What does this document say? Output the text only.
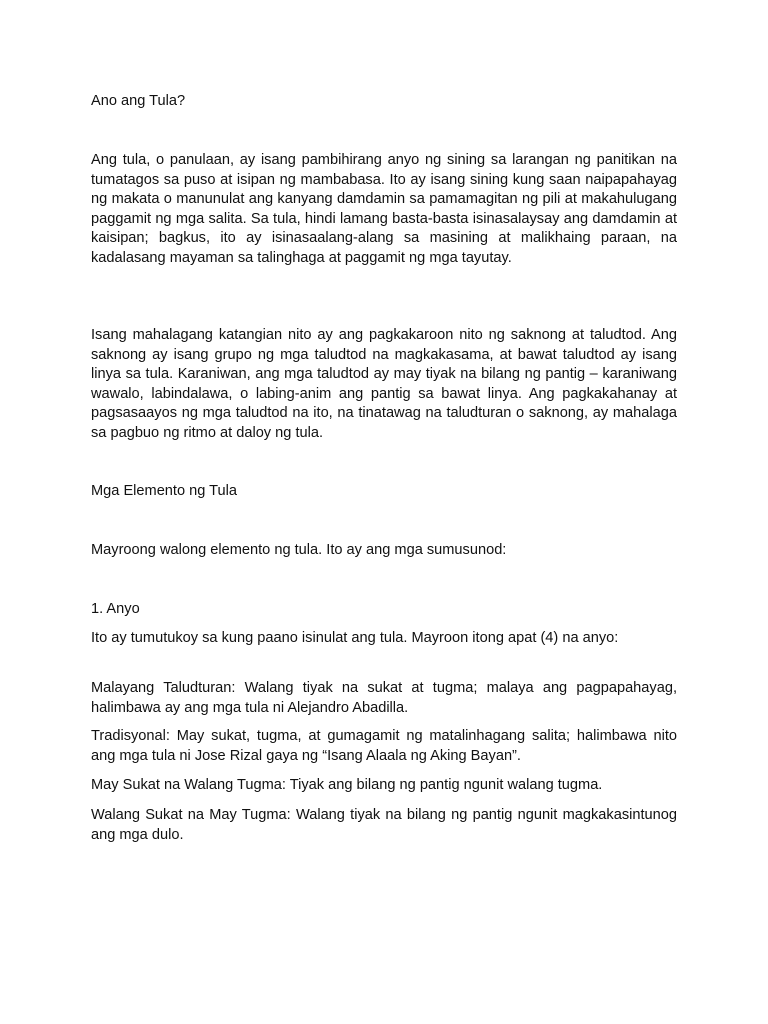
Ano ang Tula?

Ang tula, o panulaan, ay isang pambihirang anyo ng sining sa larangan ng panitikan na tumatagos sa puso at isipan ng mambabasa. Ito ay isang sining kung saan naipapahayag ng makata o manunulat ang kanyang damdamin sa pamamagitan ng pili at makahulugang paggamit ng mga salita. Sa tula, hindi lamang basta-basta isinasalaysay ang damdamin at kaisipan; bagkus, ito ay isinasaalang-alang sa masining at malikhaing paraan, na kadalasang mayaman sa talinghaga at paggamit ng mga tayutay.

Isang mahalagang katangian nito ay ang pagkakaroon nito ng saknong at taludtod. Ang saknong ay isang grupo ng mga taludtod na magkakasama, at bawat taludtod ay isang linya sa tula. Karaniwan, ang mga taludtod ay may tiyak na bilang ng pantig – karaniwang wawalo, labindalawa, o labing-anim ang pantig sa bawat linya. Ang pagkakahanay at pagsasaayos ng mga taludtod na ito, na tinatawag na taludturan o saknong, ay mahalaga sa pagbuo ng ritmo at daloy ng tula.

Mga Elemento ng Tula

Mayroong walong elemento ng tula. Ito ay ang mga sumusunod:

1. Anyo

Ito ay tumutukoy sa kung paano isinulat ang tula. Mayroon itong apat (4) na anyo:

Malayang Taludturan: Walang tiyak na sukat at tugma; malaya ang pagpapahayag, halimbawa ay ang mga tula ni Alejandro Abadilla.

Tradisyonal: May sukat, tugma, at gumagamit ng matalinhagang salita; halimbawa nito ang mga tula ni Jose Rizal gaya ng “Isang Alaala ng Aking Bayan”.

May Sukat na Walang Tugma: Tiyak ang bilang ng pantig ngunit walang tugma.

Walang Sukat na May Tugma: Walang tiyak na bilang ng pantig ngunit magkakasintunog ang mga dulo.
